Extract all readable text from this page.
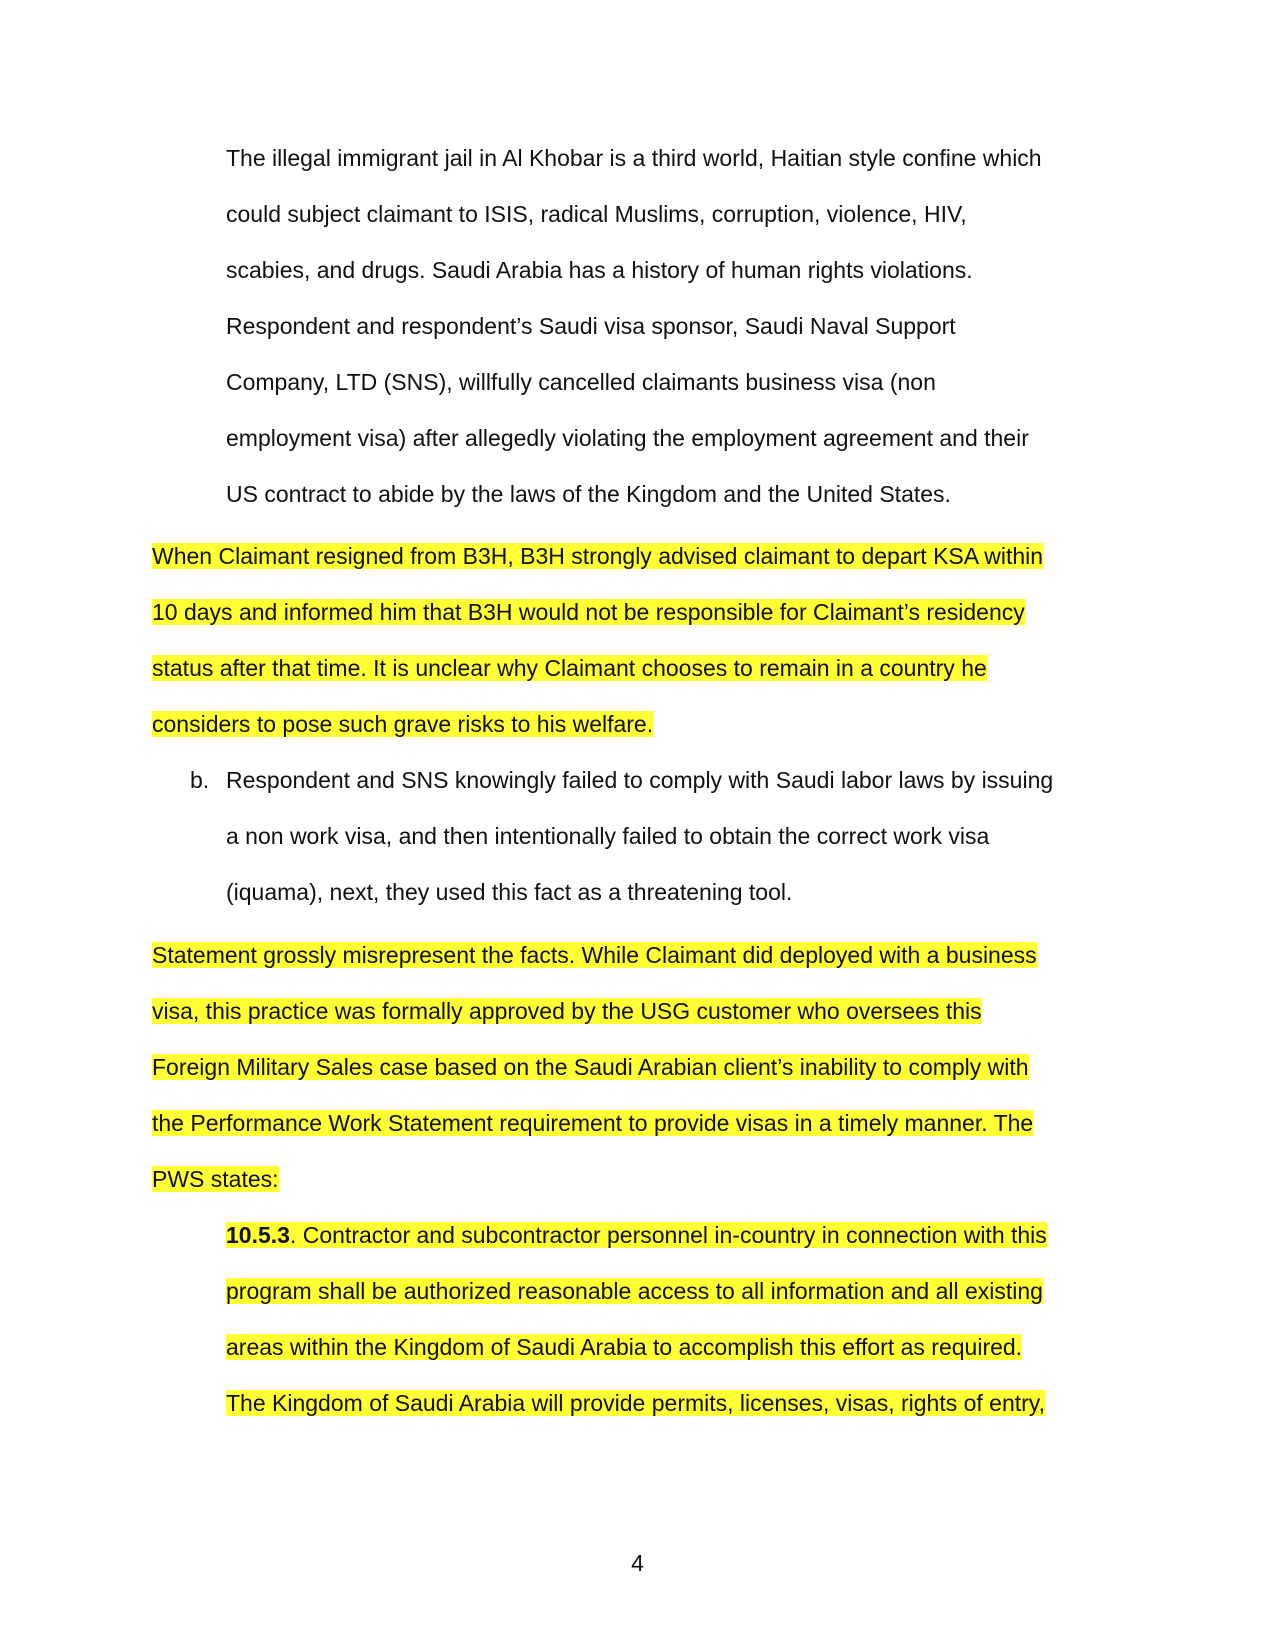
The illegal immigrant jail in Al Khobar is a third world, Haitian style confine which
could subject claimant to ISIS, radical Muslims, corruption, violence, HIV,
scabies, and drugs. Saudi Arabia has a history of human rights violations.
Respondent and respondent’s Saudi visa sponsor, Saudi Naval Support
Company, LTD (SNS), willfully cancelled claimants business visa (non
employment visa) after allegedly violating the employment agreement and their
US contract to abide by the laws of the Kingdom and the United States.
When Claimant resigned from B3H, B3H strongly advised claimant to depart KSA within
10 days and informed him that B3H would not be responsible for Claimant’s residency
status after that time. It is unclear why Claimant chooses to remain in a country he
considers to pose such grave risks to his welfare.
b. Respondent and SNS knowingly failed to comply with Saudi labor laws by issuing
a non work visa, and then intentionally failed to obtain the correct work visa
(iquama), next, they used this fact as a threatening tool.
Statement grossly misrepresent the facts. While Claimant did deployed with a business
visa, this practice was formally approved by the USG customer who oversees this
Foreign Military Sales case based on the Saudi Arabian client’s inability to comply with
the Performance Work Statement requirement to provide visas in a timely manner. The
PWS states:
10.5.3. Contractor and subcontractor personnel in-country in connection with this
program shall be authorized reasonable access to all information and all existing
areas within the Kingdom of Saudi Arabia to accomplish this effort as required.
The Kingdom of Saudi Arabia will provide permits, licenses, visas, rights of entry,
4
